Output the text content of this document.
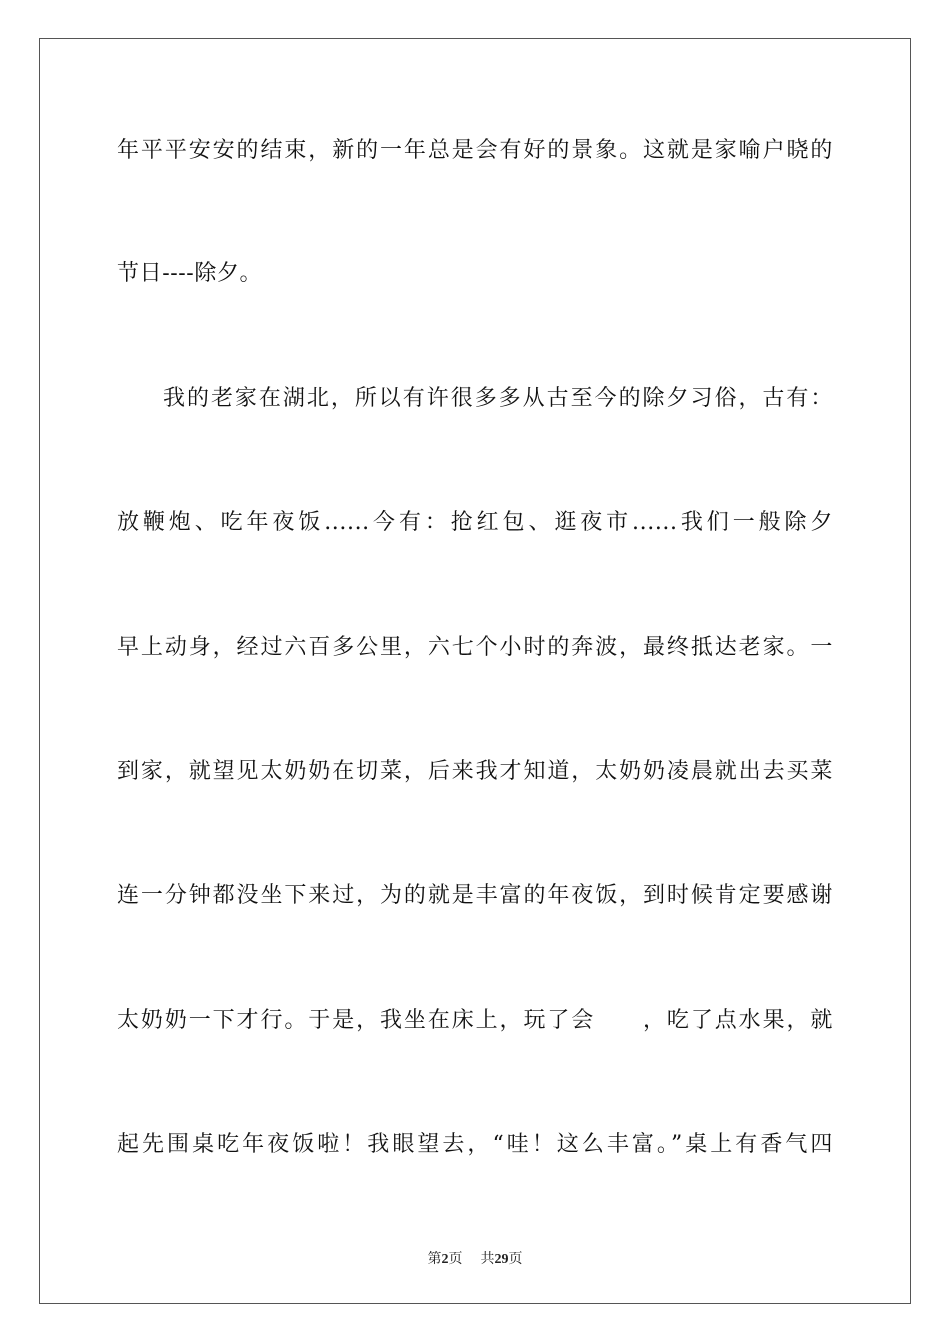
年平平安安的结束，新的一年总是会有好的景象。这就是家喻户晓的
节日----除夕。
我的老家在湖北，所以有许很多多从古至今的除夕习俗，古有：
放鞭炮、吃年夜饭......今有：抢红包、逛夜市......我们一般除夕
早上动身，经过六百多公里，六七个小时的奔波，最终抵达老家。一
到家，就望见太奶奶在切菜，后来我才知道，太奶奶凌晨就出去买菜
连一分钟都没坐下来过，为的就是丰富的年夜饭，到时候肯定要感谢
太奶奶一下才行。于是，我坐在床上，玩了会　　，吃了点水果，就
起先围桌吃年夜饭啦！我眼望去，“哇！这么丰富。”桌上有香气四
第2页 共29页
